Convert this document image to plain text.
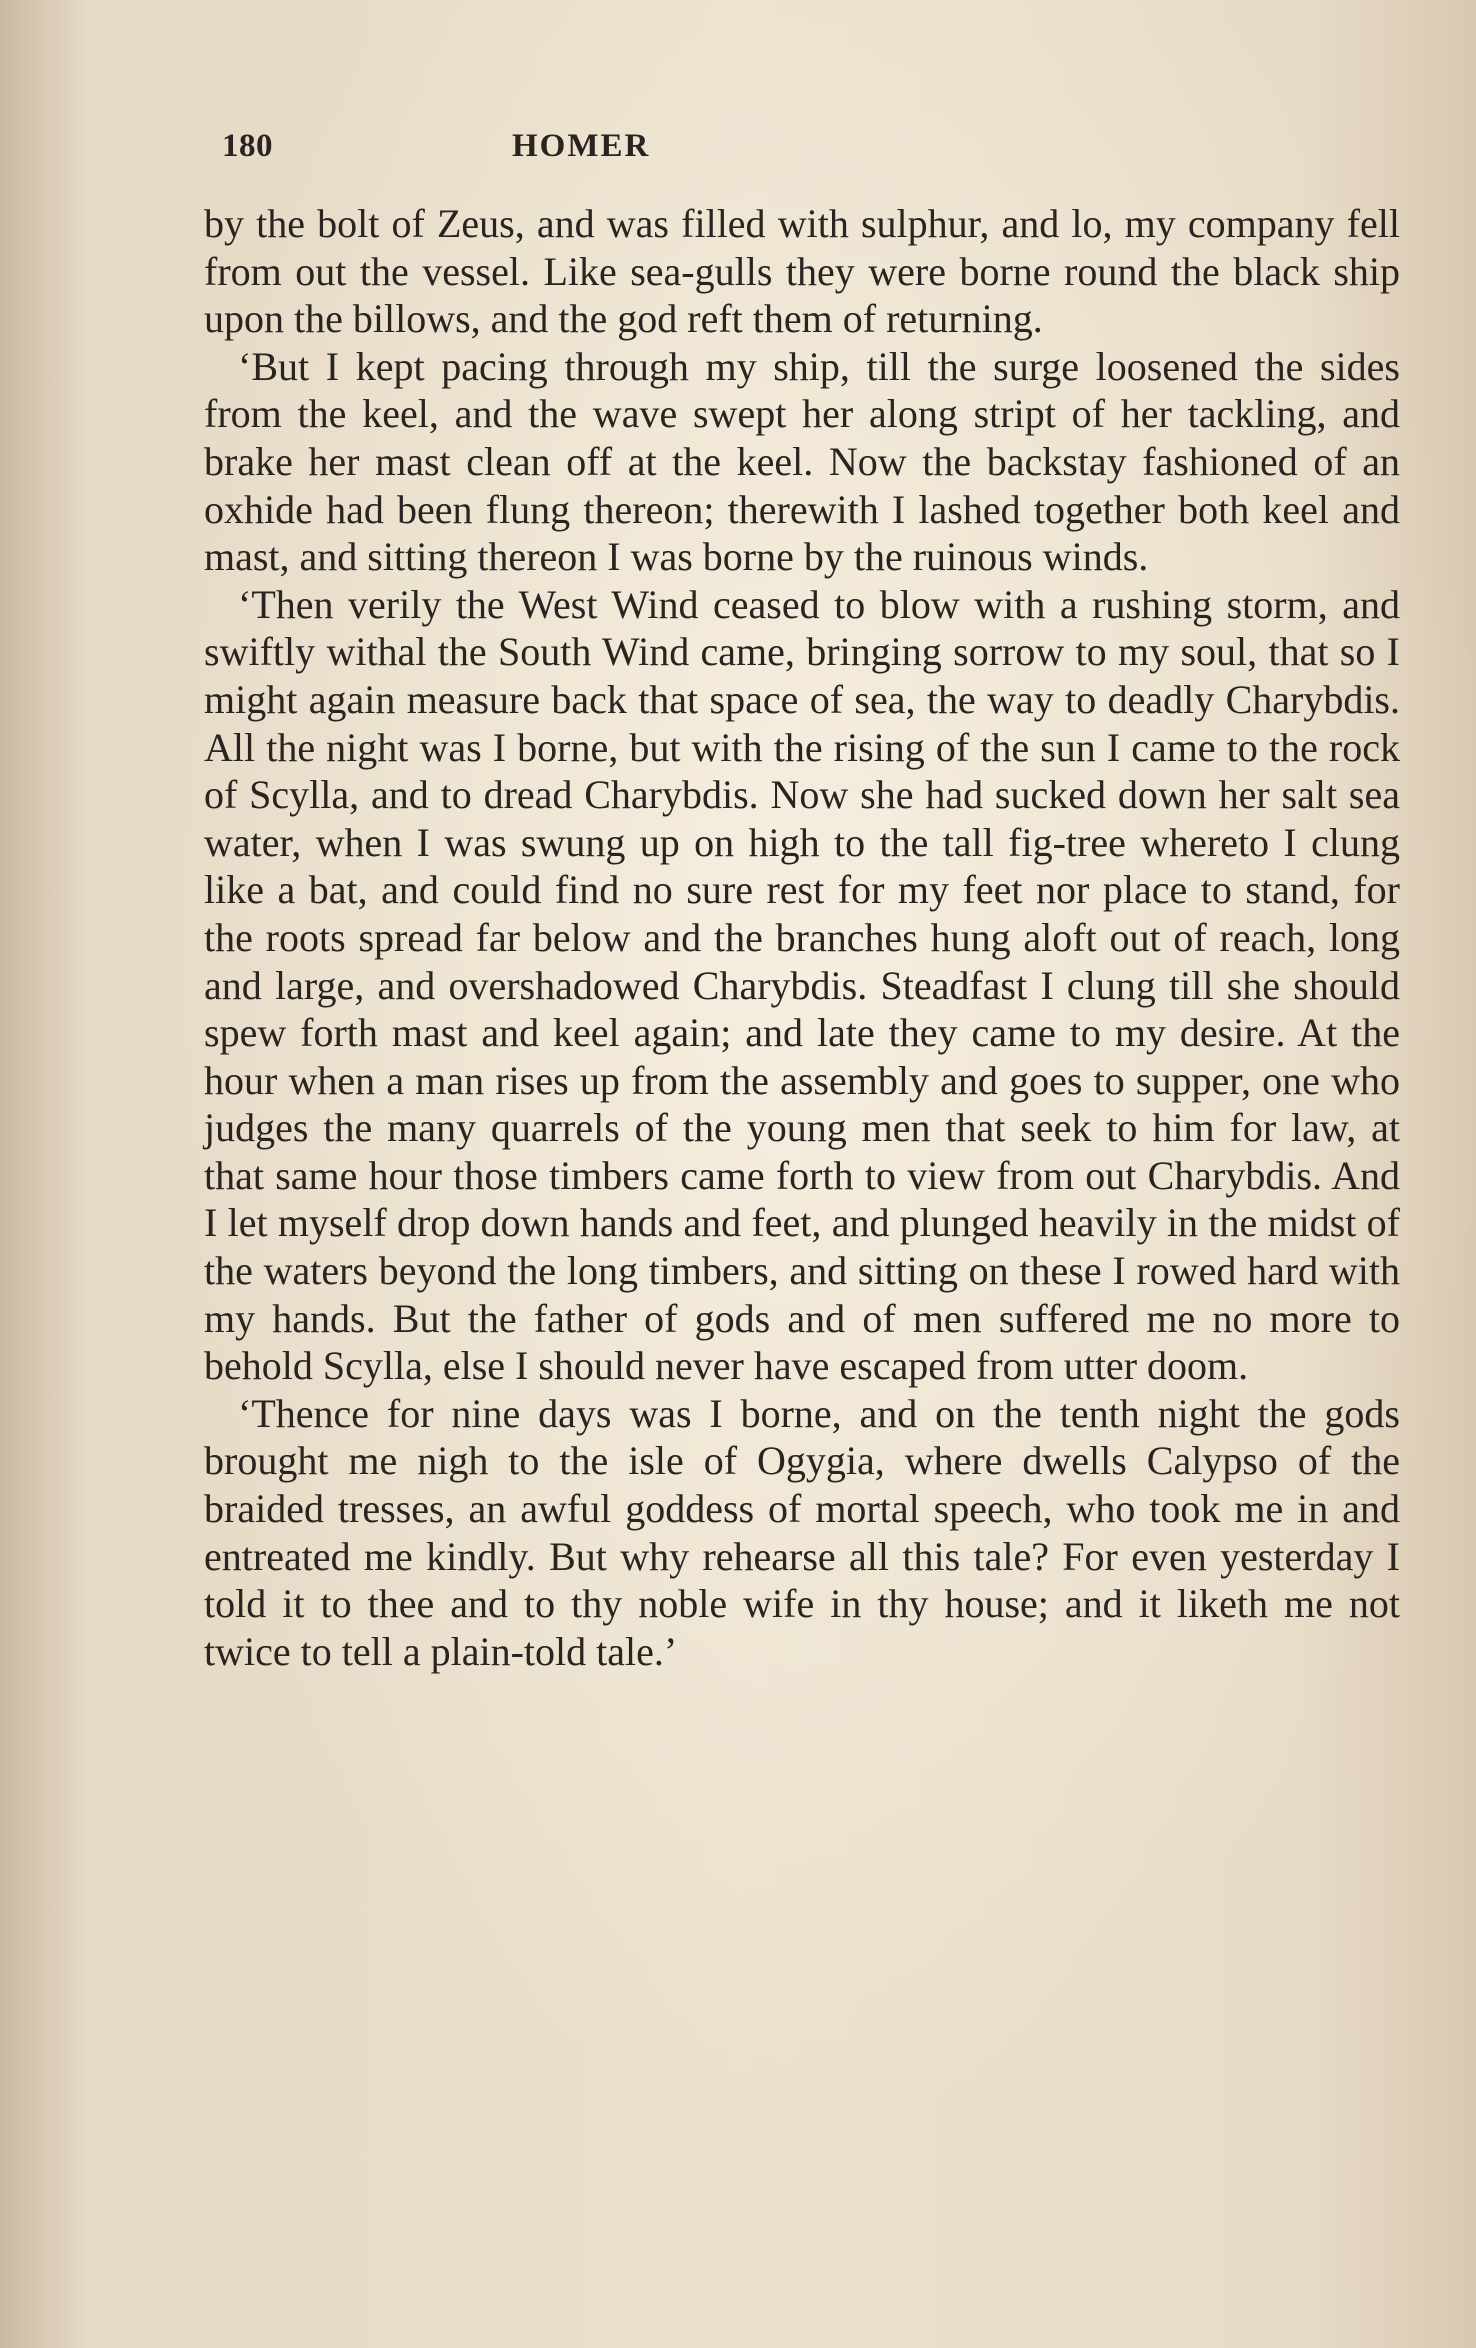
180	HOMER

by the bolt of Zeus, and was filled with sulphur, and lo, my company fell from out the vessel. Like sea-gulls they were borne round the black ship upon the billows, and the god reft them of returning.

‘But I kept pacing through my ship, till the surge loosened the sides from the keel, and the wave swept her along stript of her tackling, and brake her mast clean off at the keel. Now the backstay fashioned of an oxhide had been flung thereon; therewith I lashed together both keel and mast, and sitting thereon I was borne by the ruinous winds.

‘Then verily the West Wind ceased to blow with a rushing storm, and swiftly withal the South Wind came, bringing sorrow to my soul, that so I might again measure back that space of sea, the way to deadly Charybdis. All the night was I borne, but with the rising of the sun I came to the rock of Scylla, and to dread Charybdis. Now she had sucked down her salt sea water, when I was swung up on high to the tall fig-tree whereto I clung like a bat, and could find no sure rest for my feet nor place to stand, for the roots spread far below and the branches hung aloft out of reach, long and large, and overshadowed Charybdis. Steadfast I clung till she should spew forth mast and keel again; and late they came to my desire. At the hour when a man rises up from the assembly and goes to supper, one who judges the many quarrels of the young men that seek to him for law, at that same hour those timbers came forth to view from out Charybdis. And I let myself drop down hands and feet, and plunged heavily in the midst of the waters beyond the long timbers, and sitting on these I rowed hard with my hands. But the father of gods and of men suffered me no more to behold Scylla, else I should never have escaped from utter doom.

‘Thence for nine days was I borne, and on the tenth night the gods brought me nigh to the isle of Ogygia, where dwells Calypso of the braided tresses, an awful goddess of mortal speech, who took me in and entreated me kindly. But why rehearse all this tale? For even yesterday I told it to thee and to thy noble wife in thy house; and it liketh me not twice to tell a plain-told tale.’
